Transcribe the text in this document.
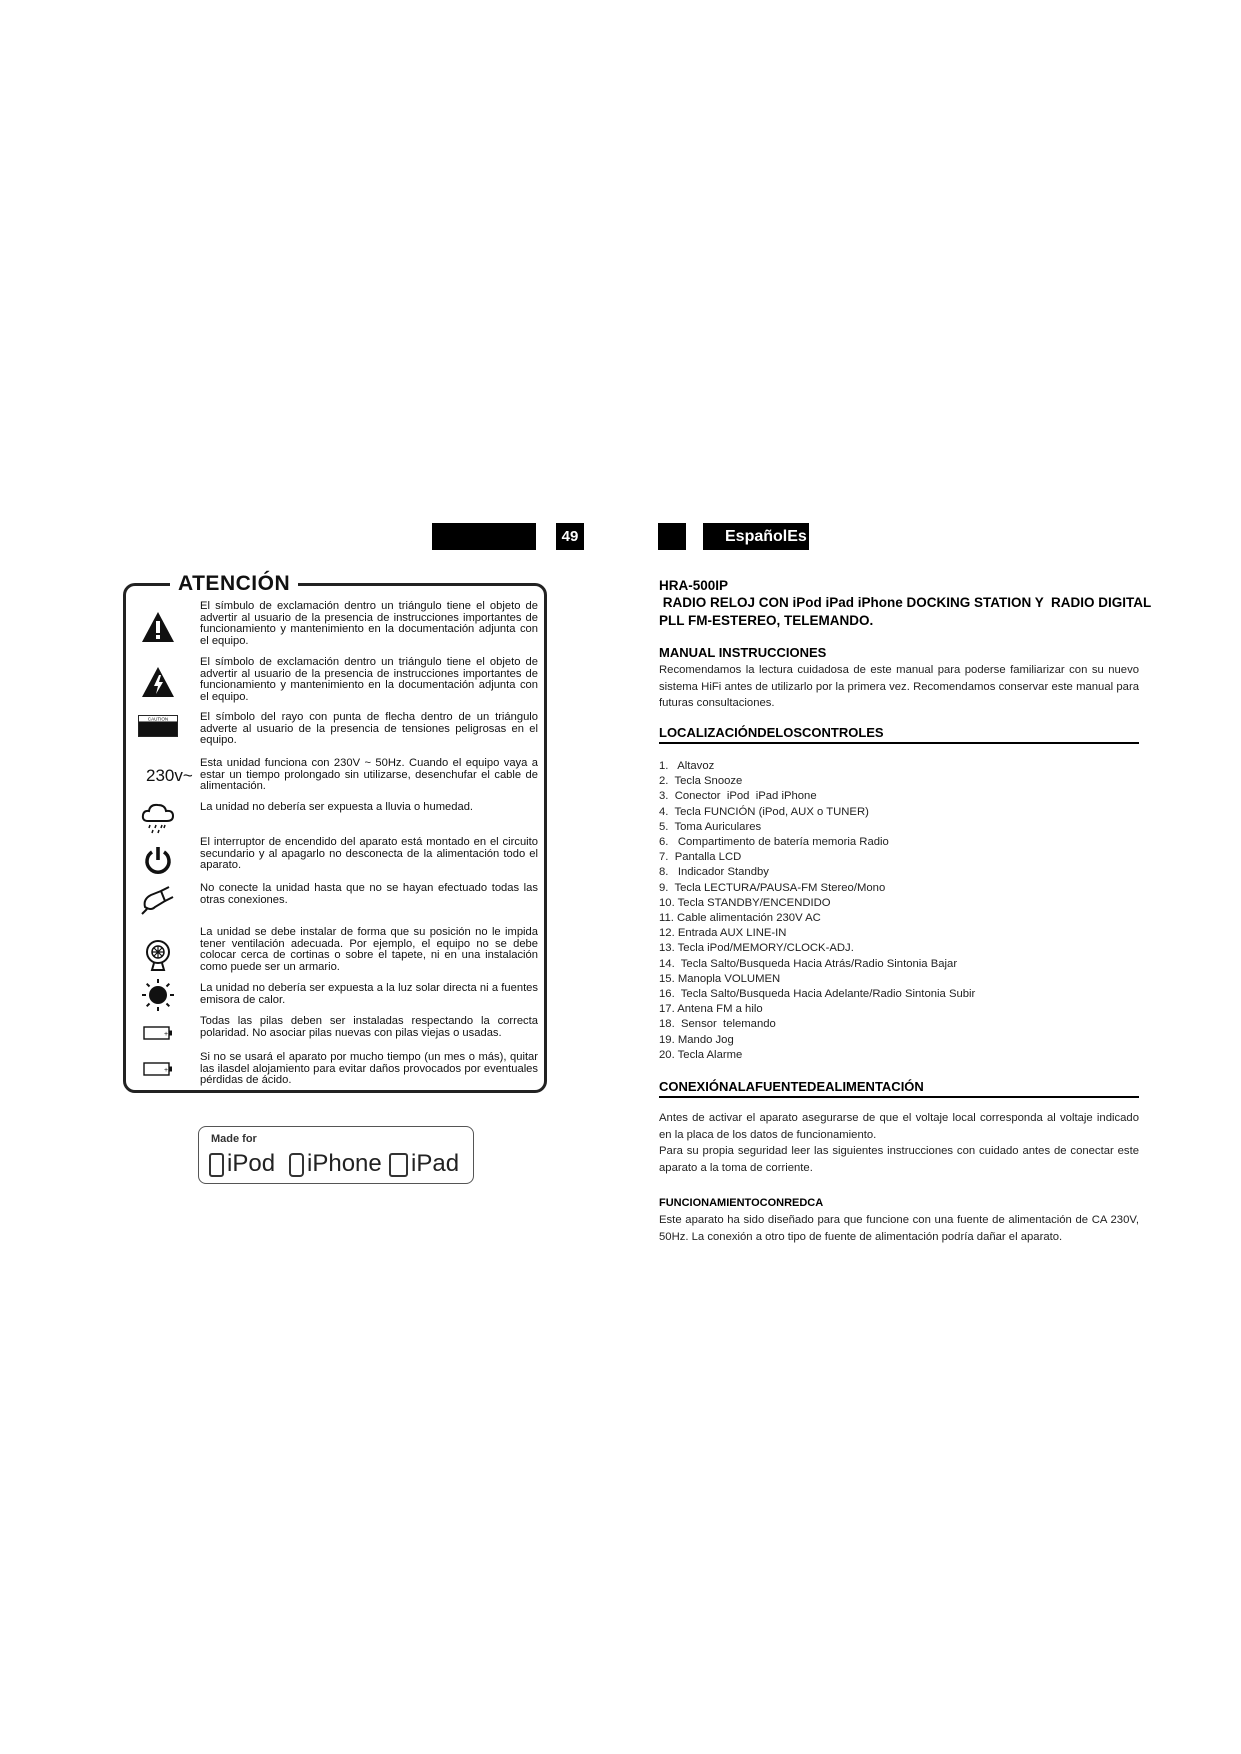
49	EspañolEs
ATENCIÓN
El símbulo de exclamación dentro un triángulo tiene el objeto de advertir al usuario de la presencia de instrucciones importantes de funcionamiento y mantenimiento en la documentación adjunta con el equipo.
El símbolo de exclamación dentro un triángulo tiene el objeto de advertir al usuario de la presencia de instrucciones importantes de funcionamiento y mantenimiento en la documentación adjunta con el equipo.
CAUTION	El símbolo del rayo con punta de flecha dentro de un triángulo adverte al usuario de la presencia de tensiones peligrosas en el equipo.
230v~
Esta unidad funciona con 230V ~ 50Hz. Cuando el equipo vaya a estar un tiempo prolongado sin utilizarse, desenchufar el cable de alimentación.
La unidad no debería ser expuesta a lluvia o humedad.
El interruptor de encendido del aparato está montado en el circuito secundario y al apagarlo no desconecta de la alimentación todo el aparato.
No conecte la unidad hasta que no se hayan efectuado todas las otras conexiones.
La unidad se debe instalar de forma que su posición no le impida tener ventilación adecuada. Por ejemplo, el equipo no se debe colocar cerca de cortinas o sobre el tapete, ni en una instalación como puede ser un armario.
La unidad no debería ser expuesta a la luz solar directa ni a fuentes emisora de calor.
+
Todas las pilas deben ser instaladas respectando la correcta polaridad. No asociar pilas nuevas con pilas viejas o usadas.
+
Si no se usará el aparato por mucho tiempo (un mes o más), quitar las ilasdel alojamiento para evitar daños provocados por eventuales pérdidas de ácido.
Made for
iPod	iPhone	iPad
HRA-500IP
RADIO RELOJ CON iPod iPad iPhone DOCKING STATION Y  RADIO DIGITAL
PLL FM-ESTEREO, TELEMANDO.
MANUAL INSTRUCCIONES
Recomendamos la lectura cuidadosa de este manual para poderse familiarizar con su nuevo sistema HiFi antes de utilizarlo por la primera vez. Recomendamos conservar este manual para futuras consultaciones.
LOCALIZACIÓNDELOSCONTROLES
1.   Altavoz
2.  Tecla Snooze
3.  Conector  iPod  iPad iPhone
4.  Tecla FUNCIÓN (iPod, AUX o TUNER)
5.  Toma Auriculares
6.   Compartimento de batería memoria Radio
7.  Pantalla LCD
8.   Indicador Standby
9.  Tecla LECTURA/PAUSA-FM Stereo/Mono
10. Tecla STANDBY/ENCENDIDO
11. Cable alimentación 230V AC
12. Entrada AUX LINE-IN
13. Tecla iPod/MEMORY/CLOCK-ADJ.
14.  Tecla Salto/Busqueda Hacia Atrás/Radio Sintonia Bajar
15. Manopla VOLUMEN
16.  Tecla Salto/Busqueda Hacia Adelante/Radio Sintonia Subir
17. Antena FM a hilo
18.  Sensor  telemando
19. Mando Jog
20. Tecla Alarme
CONEXIÓNALAFUENTEDEALIMENTACIÓN
Antes de activar el aparato asegurarse de que el voltaje local corresponda al voltaje indicado en la placa de los datos de funcionamiento.
Para su propia seguridad leer las siguientes instrucciones con cuidado antes de conectar este aparato a la toma de corriente.
FUNCIONAMIENTOCONREDCA
Este aparato ha sido diseñado para que funcione con una fuente de alimentación de CA 230V, 50Hz. La conexión a otro tipo de fuente de alimentación podría dañar el aparato.
